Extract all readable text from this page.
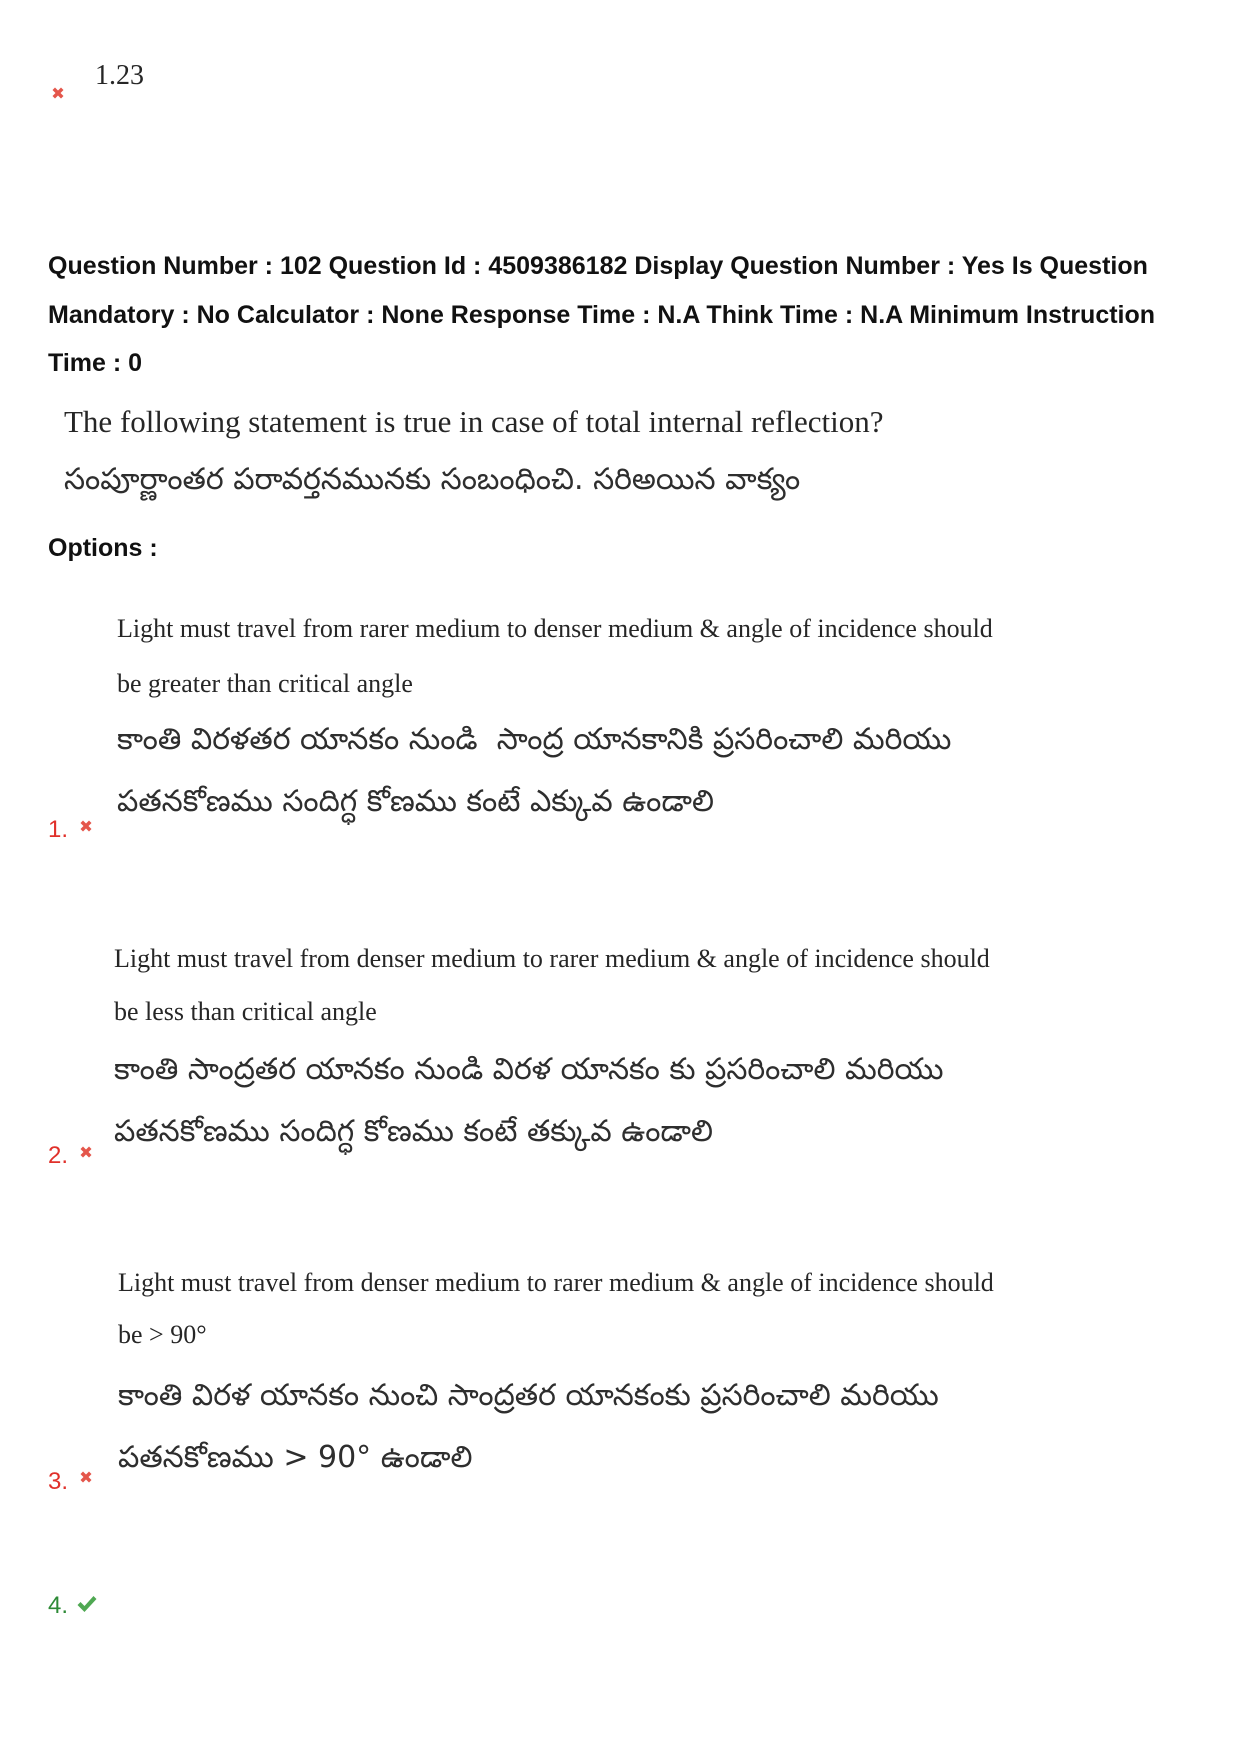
1.23
Question Number : 102 Question Id : 4509386182 Display Question Number : Yes Is Question
Mandatory : No Calculator : None Response Time : N.A Think Time : N.A Minimum Instruction
Time : 0
The following statement is true in case of total internal reflection?
సంపూర్ణాంతర పరావర్తనమునకు సంబంధించి. సరిఅయిన వాక్యం
Options :
Light must travel from rarer medium to denser medium & angle of incidence should
be greater than critical angle
కాంతి విరళతర యానకం నుండి  సాంద్ర యానకానికి ప్రసరించాలి మరియు
పతనకోణము సందిగ్ధ కోణము కంటే ఎక్కువ ఉండాలి
1.
Light must travel from denser medium to rarer medium & angle of incidence should
be less than critical angle
కాంతి సాంద్రతర యానకం నుండి విరళ యానకం కు ప్రసరించాలి మరియు
పతనకోణము సందిగ్ధ కోణము కంటే తక్కువ ఉండాలి
2.
Light must travel from denser medium to rarer medium & angle of incidence should
be > 90°
కాంతి విరళ యానకం నుంచి సాంద్రతర యానకంకు ప్రసరించాలి మరియు
పతనకోణము > 90° ఉండాలి
3.
4.
